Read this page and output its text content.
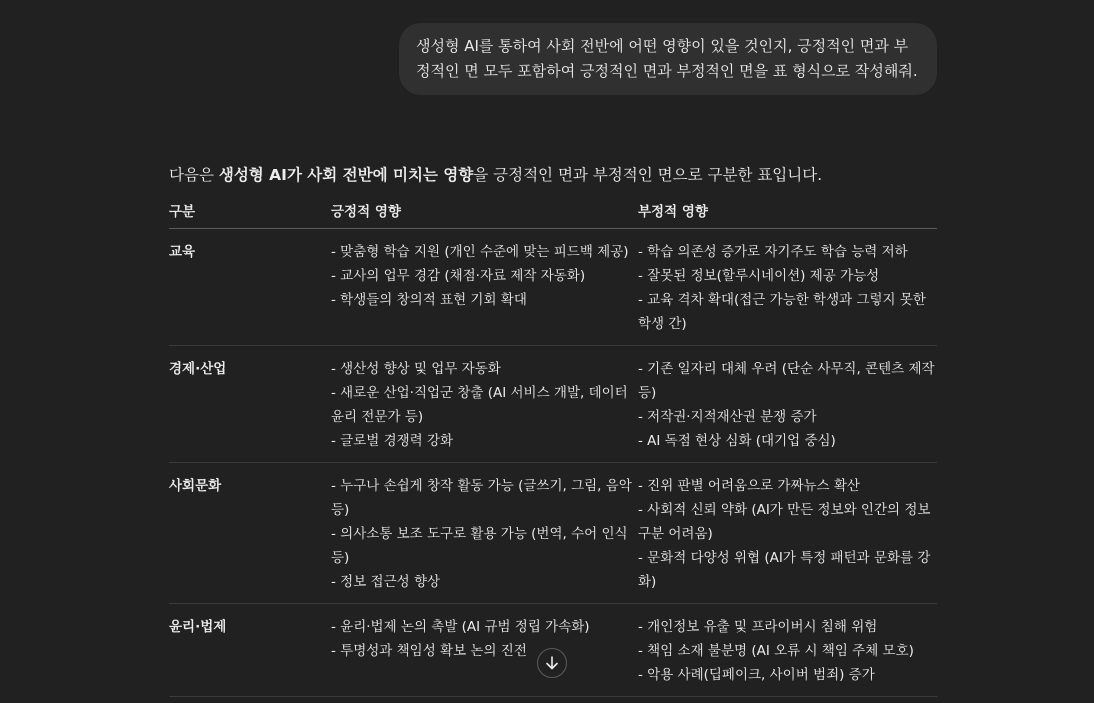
생성형 AI를 통하여 사회 전반에 어떤 영향이 있을 것인지, 긍정적인 면과 부정적인 면 모두 포함하여 긍정적인 면과 부정적인 면을 표 형식으로 작성해줘.

다음은 생성형 AI가 사회 전반에 미치는 영향을 긍정적인 면과 부정적인 면으로 구분한 표입니다.

구분	긍정적 영향	부정적 영향
교육	- 맞춤형 학습 지원 (개인 수준에 맞는 피드백 제공)
- 교사의 업무 경감 (채점·자료 제작 자동화)
- 학생들의 창의적 표현 기회 확대	- 학습 의존성 증가로 자기주도 학습 능력 저하
- 잘못된 정보(할루시네이션) 제공 가능성
- 교육 격차 확대(접근 가능한 학생과 그렇지 못한 학생 간)

경제·산업	- 생산성 향상 및 업무 자동화
- 새로운 산업·직업군 창출 (AI 서비스 개발, 데이터 윤리 전문가 등)
- 글로벌 경쟁력 강화	- 기존 일자리 대체 우려 (단순 사무직, 콘텐츠 제작 등)
- 저작권·지적재산권 분쟁 증가
- AI 독점 현상 심화 (대기업 중심)

사회문화	- 누구나 손쉽게 창작 활동 가능 (글쓰기, 그림, 음악 등)
- 의사소통 보조 도구로 활용 가능 (번역, 수어 인식 등)
- 정보 접근성 향상	- 진위 판별 어려움으로 가짜뉴스 확산
- 사회적 신뢰 약화 (AI가 만든 정보와 인간의 정보 구분 어려움)
- 문화적 다양성 위협 (AI가 특정 패턴과 문화를 강화)

윤리·법제	- 윤리·법제 논의 촉발 (AI 규범 정립 가속화)
- 투명성과 책임성 확보 논의 진전	- 개인정보 유출 및 프라이버시 침해 위험
- 책임 소재 불분명 (AI 오류 시 책임 주체 모호)
- 악용 사례(딥페이크, 사이버 범죄) 증가
